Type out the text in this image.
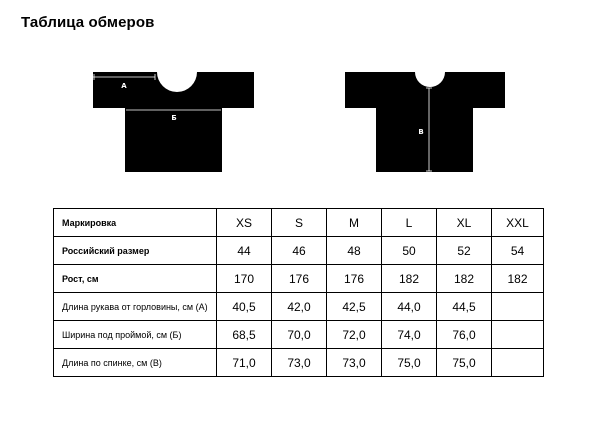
Таблица обмеров
А
Б
В
Маркировка	XS	S	M	L	XL	XXL
Российский размер	44	46	48	50	52	54
Рост, см	170	176	176	182	182	182
Длина рукава от горловины, см (А)	40,5	42,0	42,5	44,0	44,5	
Ширина под проймой, см (Б)	68,5	70,0	72,0	74,0	76,0	
Длина по спинке, см (В)	71,0	73,0	73,0	75,0	75,0	
